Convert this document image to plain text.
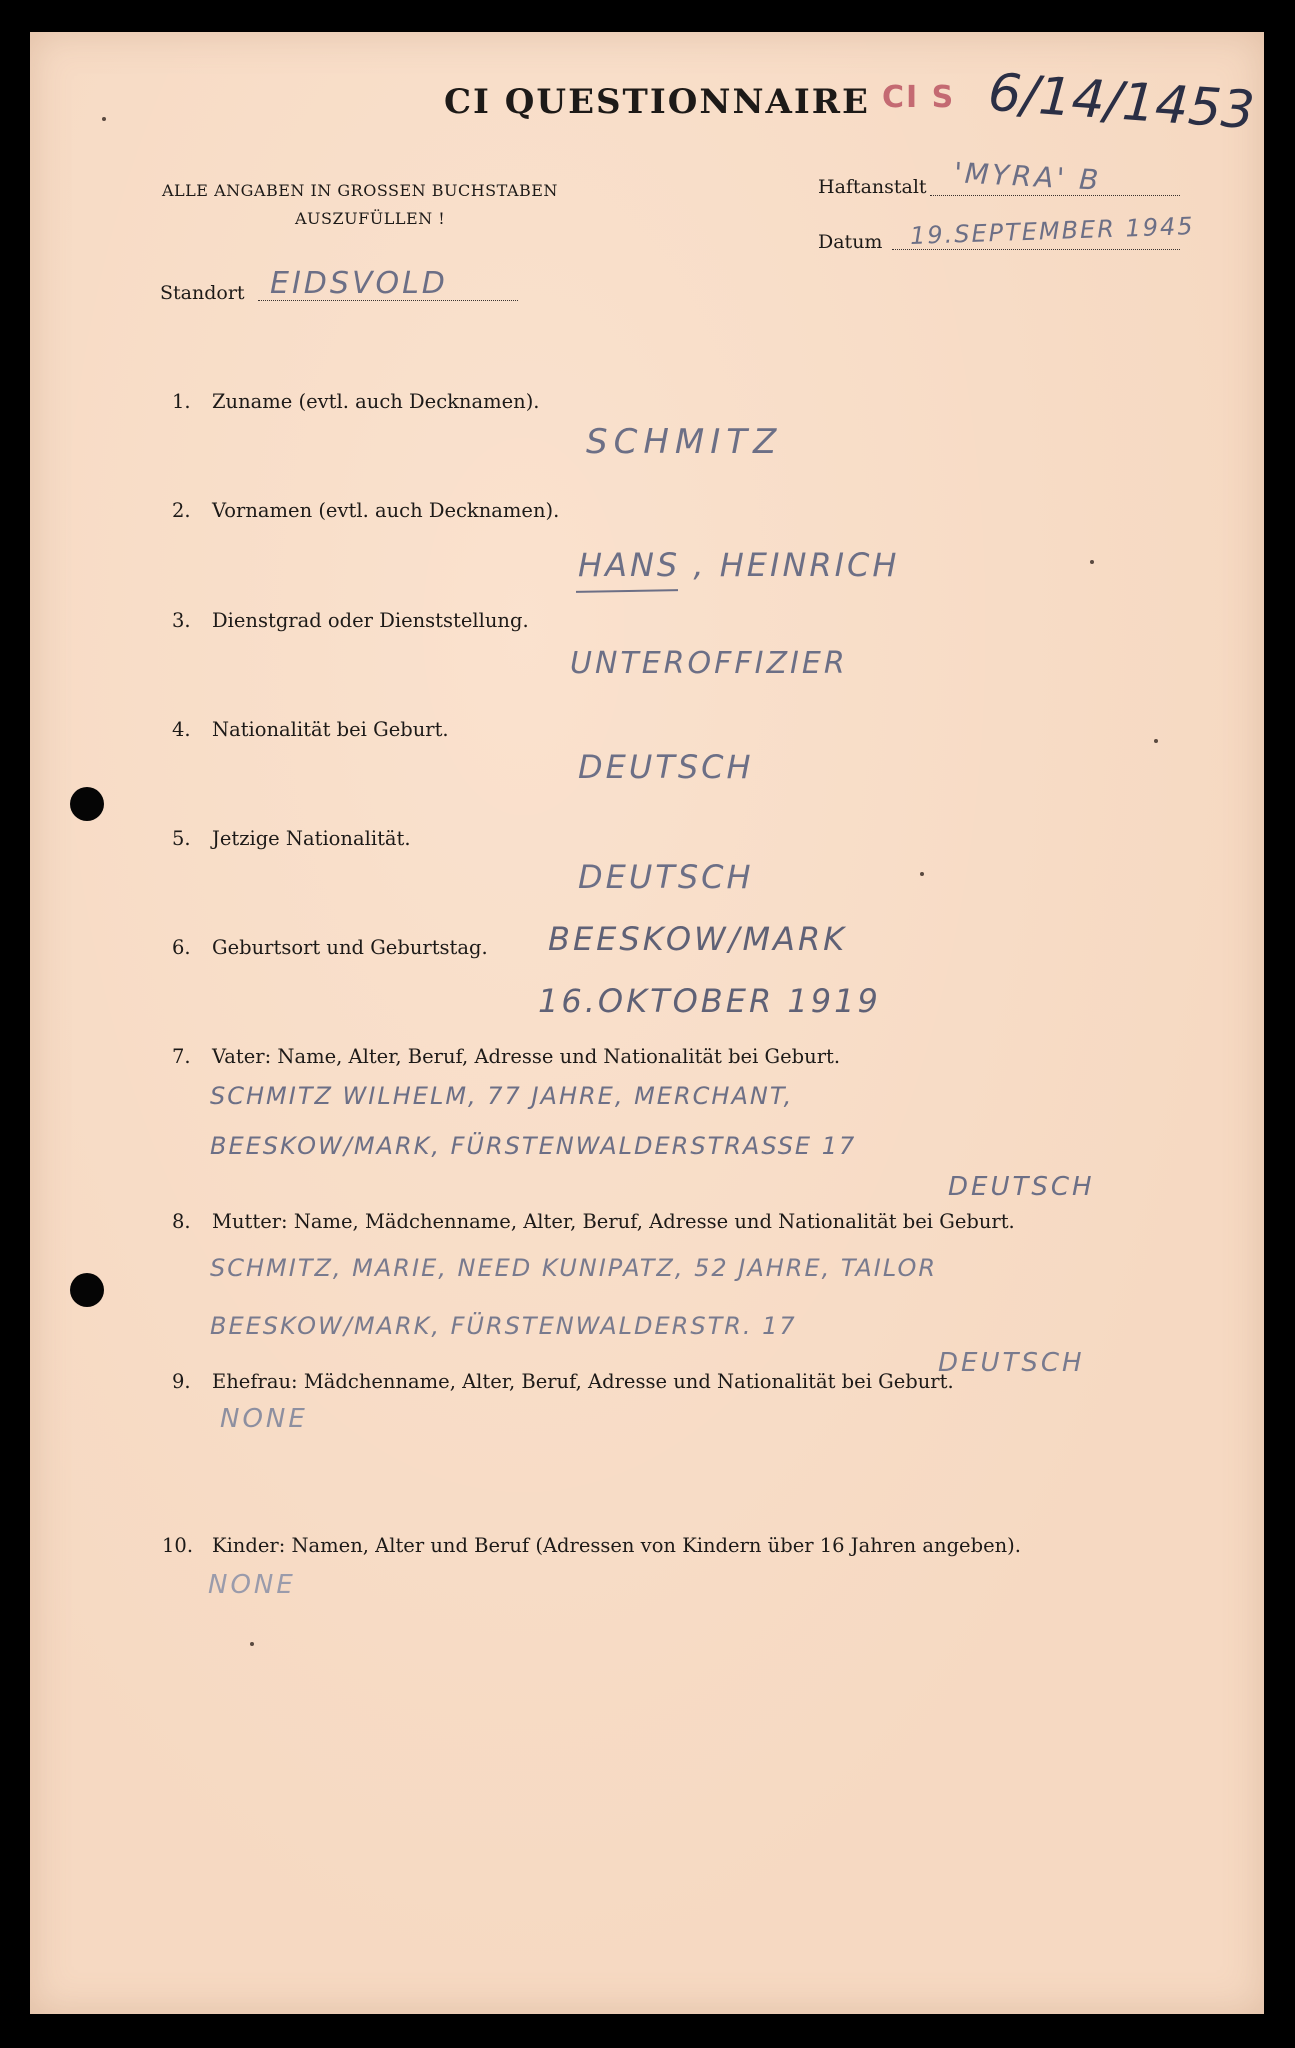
CI QUESTIONNAIRE CI S 6/14/1453
ALLE ANGABEN IN GROSSEN BUCHSTABEN
AUSZUFÜLLEN !
Haftanstalt 'MYRA' B
Datum 19.SEPTEMBER 1945
Standort EIDSVOLD
1. Zuname (evtl. auch Decknamen).
SCHMITZ
2. Vornamen (evtl. auch Decknamen).
HANS , HEINRICH
3. Dienstgrad oder Dienststellung.
UNTEROFFIZIER
4. Nationalität bei Geburt.
DEUTSCH
5. Jetzige Nationalität.
DEUTSCH
6. Geburtsort und Geburtstag. BEESKOW/MARK
16.OKTOBER 1919
7. Vater: Name, Alter, Beruf, Adresse und Nationalität bei Geburt.
SCHMITZ WILHELM, 77 JAHRE, MERCHANT,
BEESKOW/MARK, FÜRSTENWALDERSTRASSE 17
DEUTSCH
8. Mutter: Name, Mädchenname, Alter, Beruf, Adresse und Nationalität bei Geburt.
SCHMITZ, MARIE, NEED KUNIPATZ, 52 JAHRE, TAILOR
BEESKOW/MARK, FÜRSTENWALDERSTR. 17
DEUTSCH
9. Ehefrau: Mädchenname, Alter, Beruf, Adresse und Nationalität bei Geburt.
NONE
10. Kinder: Namen, Alter und Beruf (Adressen von Kindern über 16 Jahren angeben).
NONE
